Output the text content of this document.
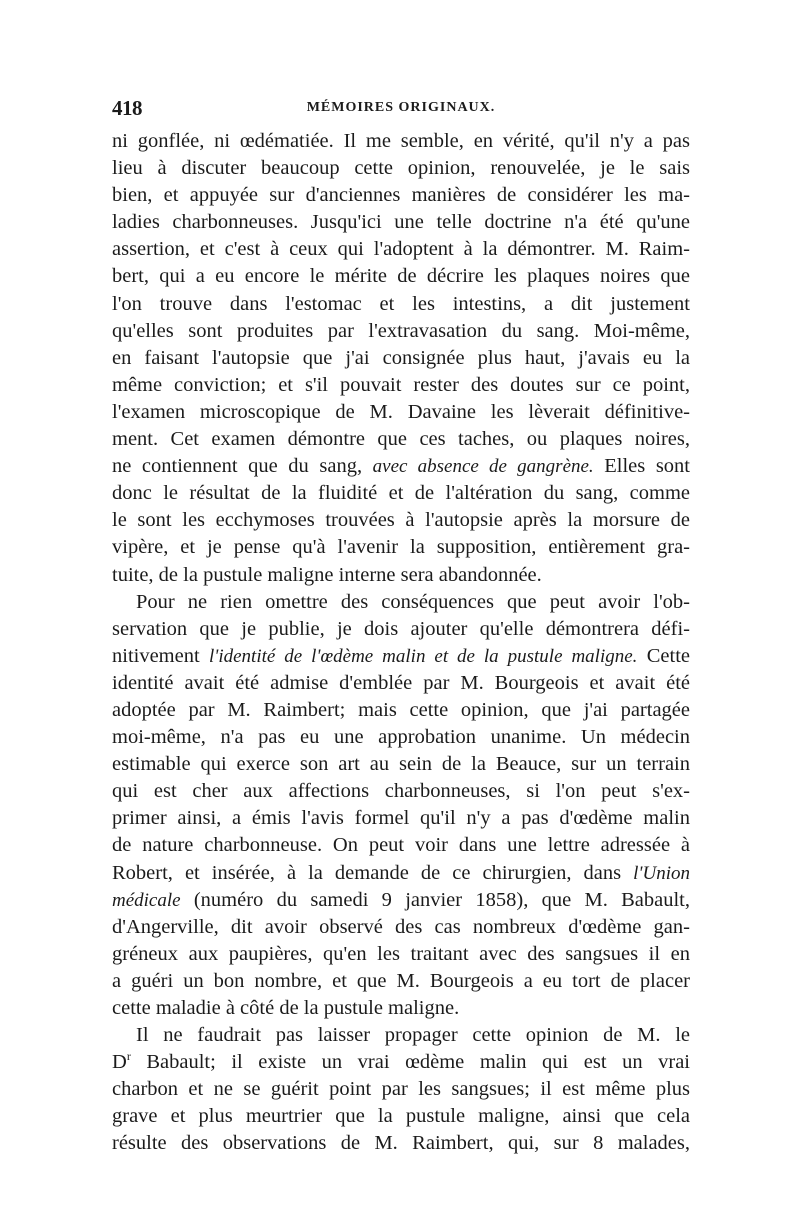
418	MÉMOIRES ORIGINAUX.
ni gonflée, ni œdématiée. Il me semble, en vérité, qu'il n'y a pas
lieu à discuter beaucoup cette opinion, renouvelée, je le sais
bien, et appuyée sur d'anciennes manières de considérer les ma-
ladies charbonneuses. Jusqu'ici une telle doctrine n'a été qu'une
assertion, et c'est à ceux qui l'adoptent à la démontrer. M. Raim-
bert, qui a eu encore le mérite de décrire les plaques noires que
l'on trouve dans l'estomac et les intestins, a dit justement
qu'elles sont produites par l'extravasation du sang. Moi-même,
en faisant l'autopsie que j'ai consignée plus haut, j'avais eu la
même conviction; et s'il pouvait rester des doutes sur ce point,
l'examen microscopique de M. Davaine les lèverait définitive-
ment. Cet examen démontre que ces taches, ou plaques noires,
ne contiennent que du sang, avec absence de gangrène. Elles sont
donc le résultat de la fluidité et de l'altération du sang, comme
le sont les ecchymoses trouvées à l'autopsie après la morsure de
vipère, et je pense qu'à l'avenir la supposition, entièrement gra-
tuite, de la pustule maligne interne sera abandonnée.
Pour ne rien omettre des conséquences que peut avoir l'ob-
servation que je publie, je dois ajouter qu'elle démontrera défi-
nitivement l'identité de l'œdème malin et de la pustule maligne. Cette
identité avait été admise d'emblée par M. Bourgeois et avait été
adoptée par M. Raimbert; mais cette opinion, que j'ai partagée
moi-même, n'a pas eu une approbation unanime. Un médecin
estimable qui exerce son art au sein de la Beauce, sur un terrain
qui est cher aux affections charbonneuses, si l'on peut s'ex-
primer ainsi, a émis l'avis formel qu'il n'y a pas d'œdème malin
de nature charbonneuse. On peut voir dans une lettre adressée à
Robert, et insérée, à la demande de ce chirurgien, dans l'Union
médicale (numéro du samedi 9 janvier 1858), que M. Babault,
d'Angerville, dit avoir observé des cas nombreux d'œdème gan-
gréneux aux paupières, qu'en les traitant avec des sangsues il en
a guéri un bon nombre, et que M. Bourgeois a eu tort de placer
cette maladie à côté de la pustule maligne.
Il ne faudrait pas laisser propager cette opinion de M. le
$D^r$ Babault; il existe un vrai œdème malin qui est un vrai
charbon et ne se guérit point par les sangsues; il est même plus
grave et plus meurtrier que la pustule maligne, ainsi que cela
résulte des observations de M. Raimbert, qui, sur 8 malades,
